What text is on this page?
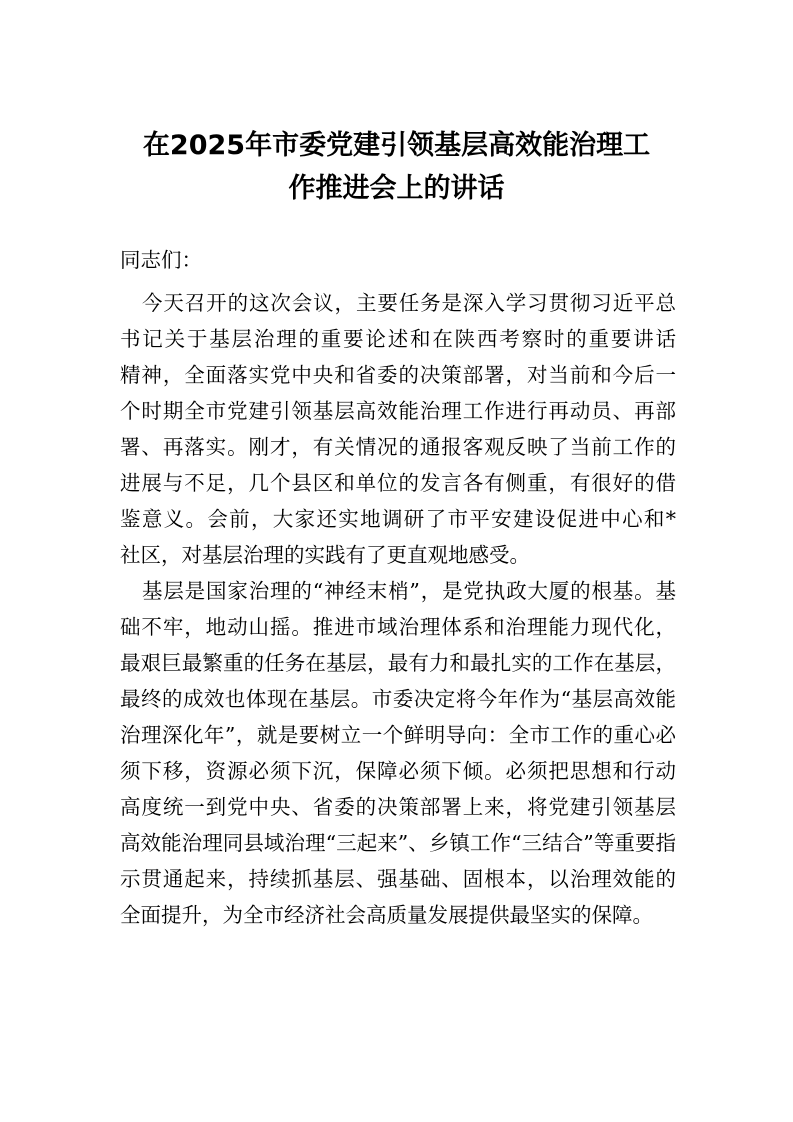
在2025年市委党建引领基层高效能治理工
作推进会上的讲话

同志们：

今天召开的这次会议，主要任务是深入学习贯彻习近平总
书记关于基层治理的重要论述和在陕西考察时的重要讲话
精神，全面落实党中央和省委的决策部署，对当前和今后一
个时期全市党建引领基层高效能治理工作进行再动员、再部
署、再落实。刚才，有关情况的通报客观反映了当前工作的
进展与不足，几个县区和单位的发言各有侧重，有很好的借
鉴意义。会前，大家还实地调研了市平安建设促进中心和*
社区，对基层治理的实践有了更直观地感受。

基层是国家治理的“神经末梢”，是党执政大厦的根基。基
础不牢，地动山摇。推进市域治理体系和治理能力现代化，
最艰巨最繁重的任务在基层，最有力和最扎实的工作在基层，
最终的成效也体现在基层。市委决定将今年作为“基层高效能
治理深化年”，就是要树立一个鲜明导向：全市工作的重心必
须下移，资源必须下沉，保障必须下倾。必须把思想和行动
高度统一到党中央、省委的决策部署上来，将党建引领基层
高效能治理同县域治理“三起来”、乡镇工作“三结合”等重要指
示贯通起来，持续抓基层、强基础、固根本，以治理效能的
全面提升，为全市经济社会高质量发展提供最坚实的保障。
